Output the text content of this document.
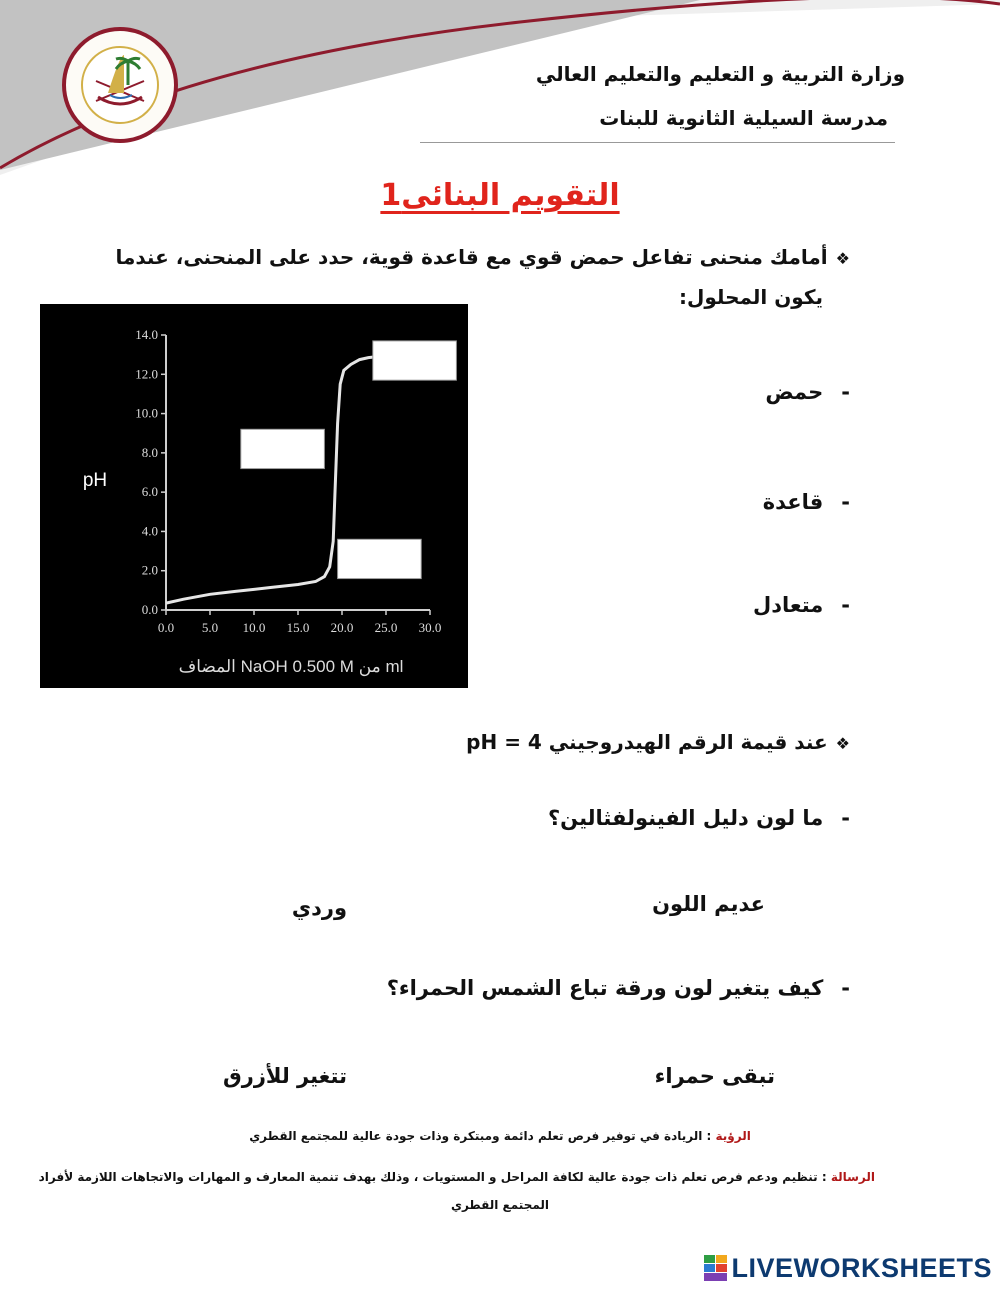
وزارة التربية و التعليم والتعليم العالي
مدرسة السيلية الثانوية للبنات
التقويم البنائى1
❖أمامك منحنى تفاعل حمض قوي مع قاعدة قوية، حدد على المنحنى، عندما
يكون المحلول:
-حمض
-قاعدة
-متعادل
0.0 5.0 10.0 15.0 20.0 25.0 30.0
0.0
2.0
4.0
6.0
8.0
10.0
12.0
14.0
pH
ml من NaOH 0.500 M المضاف
❖عند قيمة الرقم الهيدروجيني pH = 4
-ما لون دليل الفينولفثالين؟
عديم اللون
وردي
-كيف يتغير لون ورقة تباع الشمس الحمراء؟
تبقى حمراء
تتغير للأزرق
الرؤية : الريادة في توفير فرص تعلم دائمة ومبتكرة وذات جودة عالية للمجتمع القطري
الرسالة : تنظيم ودعم فرص تعلم ذات جودة عالية لكافة المراحل و المستويات ، وذلك بهدف تنمية المعارف و المهارات والاتجاهات اللازمة لأفراد
المجتمع القطري
LIVEWORKSHEETS
